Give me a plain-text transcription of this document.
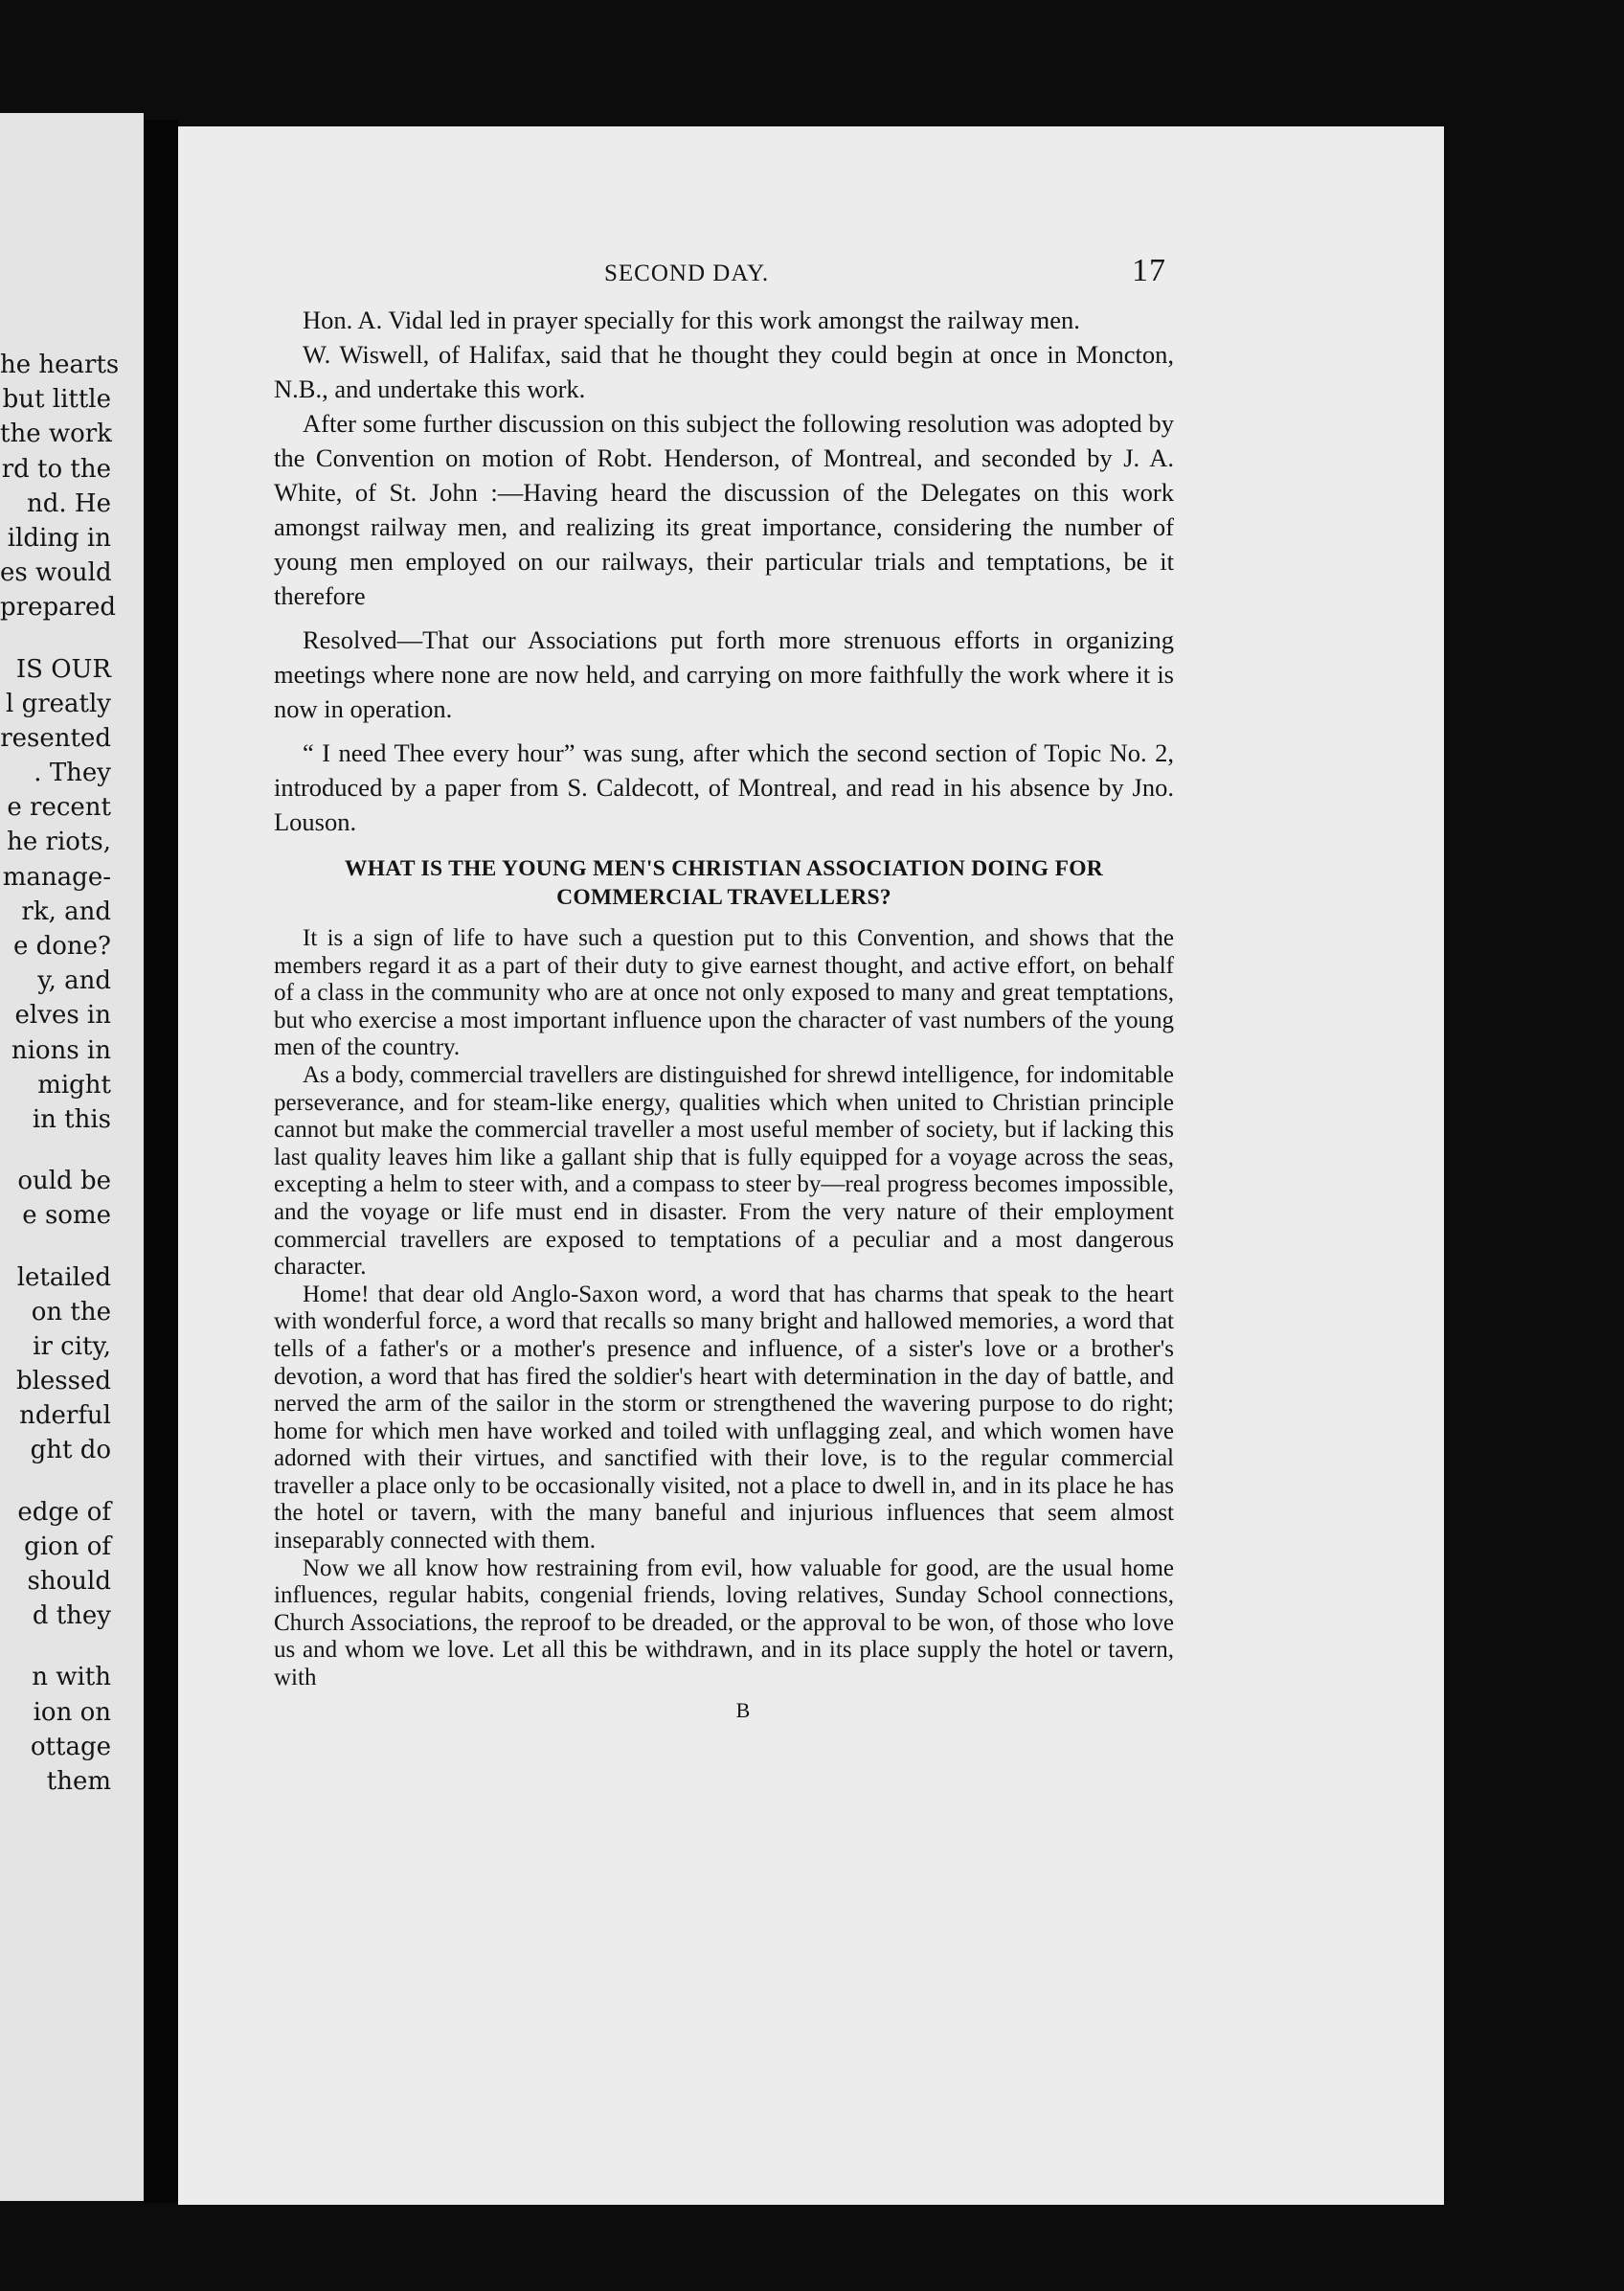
he hearts
but little
the work
rd to the
nd. He
ilding in
es would
prepared
IS OUR
l greatly
resented
. They
e recent
he riots,
manage-
rk, and
e done?
y, and
elves in
nions in
might
in this
ould be
e some
letailed
on the
ir city,
blessed
nderful
ght do
edge of
gion of
should
d they
n with
ion on
ottage
them
SECOND DAY.	17

Hon. A. Vidal led in prayer specially for this work amongst the railway men.

W. Wiswell, of Halifax, said that he thought they could begin at once in Moncton, N.B., and undertake this work.

After some further discussion on this subject the following resolution was adopted by the Convention on motion of Robt. Henderson, of Montreal, and seconded by J. A. White, of St. John :—Having heard the discussion of the Delegates on this work amongst railway men, and realizing its great importance, considering the number of young men employed on our railways, their particular trials and temptations, be it therefore

Resolved—That our Associations put forth more strenuous efforts in organizing meetings where none are now held, and carrying on more faithfully the work where it is now in operation.

“ I need Thee every hour” was sung, after which the second section of Topic No. 2, introduced by a paper from S. Caldecott, of Montreal, and read in his absence by Jno. Louson.

WHAT IS THE YOUNG MEN'S CHRISTIAN ASSOCIATION DOING FOR COMMERCIAL TRAVELLERS?

It is a sign of life to have such a question put to this Convention, and shows that the members regard it as a part of their duty to give earnest thought, and active effort, on behalf of a class in the community who are at once not only exposed to many and great temptations, but who exercise a most important influence upon the character of vast numbers of the young men of the country.

As a body, commercial travellers are distinguished for shrewd intelligence, for indomitable perseverance, and for steam-like energy, qualities which when united to Christian principle cannot but make the commercial traveller a most useful member of society, but if lacking this last quality leaves him like a gallant ship that is fully equipped for a voyage across the seas, excepting a helm to steer with, and a compass to steer by—real progress becomes impossible, and the voyage or life must end in disaster. From the very nature of their employment commercial travellers are exposed to temptations of a peculiar and a most dangerous character.

Home! that dear old Anglo-Saxon word, a word that has charms that speak to the heart with wonderful force, a word that recalls so many bright and hallowed memories, a word that tells of a father's or a mother's presence and influence, of a sister's love or a brother's devotion, a word that has fired the soldier's heart with determination in the day of battle, and nerved the arm of the sailor in the storm or strengthened the wavering purpose to do right; home for which men have worked and toiled with unflagging zeal, and which women have adorned with their virtues, and sanctified with their love, is to the regular commercial traveller a place only to be occasionally visited, not a place to dwell in, and in its place he has the hotel or tavern, with the many baneful and injurious influences that seem almost inseparably connected with them.

Now we all know how restraining from evil, how valuable for good, are the usual home influences, regular habits, congenial friends, loving relatives, Sunday School connections, Church Associations, the reproof to be dreaded, or the approval to be won, of those who love us and whom we love. Let all this be withdrawn, and in its place supply the hotel or tavern, with

B
